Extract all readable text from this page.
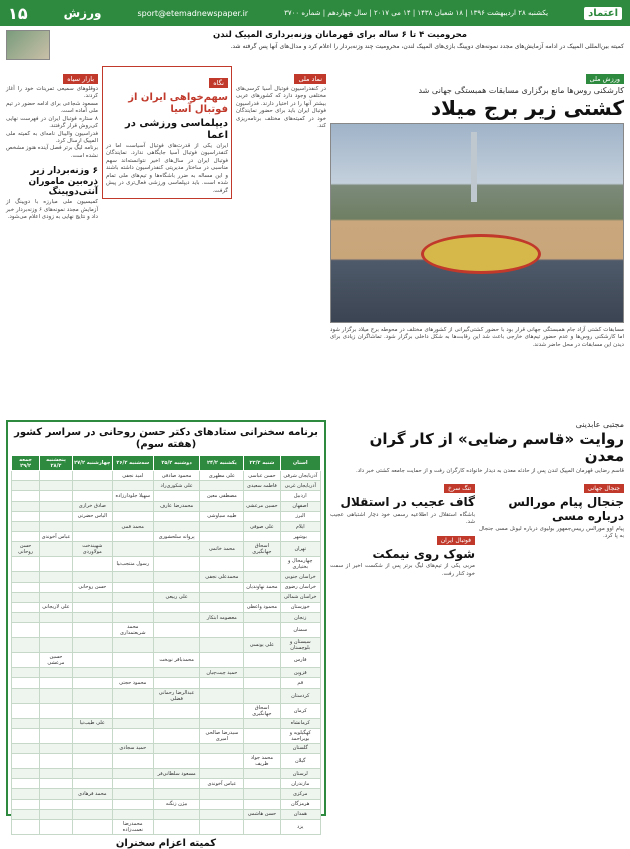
اعتماد
یکشنبه ۲۸ اردیبهشت ۱۳۹۶ | ۱۸ شعبان ۱۴۳۸ | ۱۴ می ۲۰۱۷ | سال چهاردهم | شماره ۳۷۰۰
sport@etemadnewspaper.ir
ورزش
۱۵
محرومیت ۴ تا ۶ ساله برای قهرمانان وزنه‌برداری المپیک لندن
کمیته بین‌المللی المپیک در ادامه آزمایش‌های مجدد نمونه‌های دوپینگ بازی‌های المپیک لندن، محرومیت چند وزنه‌بردار را اعلام کرد و مدال‌های آنها پس گرفته شد.
ورزش ملی
کارشکنی روس‌ها مانع برگزاری مسابقات همبستگی جهانی شد
کشتی زیر برج میلاد
مسابقات کشتی آزاد جام همبستگی جهانی قرار بود با حضور کشتی‌گیرانی از کشورهای مختلف در محوطه برج میلاد برگزار شود اما کارشکنی روس‌ها و عدم حضور تیم‌های خارجی باعث شد این رقابت‌ها به شکل داخلی برگزار شود. تماشاگران زیادی برای دیدن این مسابقات در محل حاضر شدند.
نماد ملی
در کنفدراسیون فوتبال آسیا کرسی‌های مختلفی وجود دارد که کشورهای عربی بیشتر آنها را در اختیار دارند. فدراسیون فوتبال ایران باید برای حضور نمایندگان خود در کمیته‌های مختلف برنامه‌ریزی کند.
نگاه
سهم‌خواهی ایران از فوتبال آسیا
دیپلماسی ورزشی در اعما
ایران یکی از قدرت‌های فوتبال آسیاست اما در کنفدراسیون فوتبال آسیا جایگاهی ندارد. نمایندگان فوتبال ایران در سال‌های اخیر نتوانسته‌اند سهم مناسبی در ساختار مدیریتی کنفدراسیون داشته باشند و این مساله به ضرر باشگاه‌ها و تیم‌های ملی تمام شده است. باید دیپلماسی ورزشی فعال‌تری در پیش گرفت.
بازار سیاه
دوقلوهای سمیعی تمرینات خود را آغاز کردند.
مسعود شجاعی برای ادامه حضور در تیم ملی آماده است.
۸ ستاره فوتبال ایران در فهرست نهایی کی‌روش قرار گرفتند.
فدراسیون والیبال نامه‌ای به کمیته ملی المپیک ارسال کرد.
برنامه لیگ برتر فصل آینده هنوز مشخص نشده است.
۶ وزنه‌بردار زیر ذره‌بین ماموران آنتی‌دوپینگ
کمیسیون ملی مبارزه با دوپینگ از آزمایش مجدد نمونه‌های ۶ وزنه‌بردار خبر داد و نتایج نهایی به زودی اعلام می‌شود.
برنامه سخنرانی ستادهای دکتر حسن روحانی در سراسر کشور (هفته سوم)
استان	شنبه ۲۳/۲	یکشنبه ۲۴/۲	دوشنبه ۲۵/۲	سه‌شنبه ۲۶/۲	چهارشنبه ۲۷/۲	پنجشنبه ۲۸/۲	جمعه ۲۹/۲
آذربایجان شرقی	حسن عباسی	علی مطهری	محمود صادقی	امید نجفی			
آذربایجان غربی	فاطمه سعیدی		علی شکوری‌راد				
اردبیل		مصطفی معین		سهیلا جلودارزاده			
اصفهان	حسین مرعشی		محمدرضا عارف		صادق خرازی		
البرز		طیبه سیاوشی			الیاس حضرتی		
ایلام	علی صوفی			محمد قمی			
بوشهر			پروانه سلحشوری			عباس آخوندی	
تهران	اسحاق جهانگیری	محمد خاتمی			شهیندخت مولاوردی		حسن روحانی
چهارمحال و بختیاری				رسول منتجب‌نیا			
خراسان جنوبی		محمدعلی نجفی					
خراسان رضوی	محمد نهاوندیان				حسن روحانی		
خراسان شمالی			علی ربیعی				
خوزستان	محمود واعظی					علی لاریجانی	
زنجان		معصومه ابتکار					
سمنان				محمد شریعتمداری			
سیستان و بلوچستان	علی یونسی						
فارس			محمدباقر نوبخت			حسین مرعشی	
قزوین		حمید چیت‌چیان					
قم				محمود حجتی			
کردستان			عبدالرضا رحمانی فضلی				
کرمان	اسحاق جهانگیری						
کرمانشاه					علی طیب‌نیا		
کهگیلویه و بویراحمد		سیدرضا صالحی امیری					
گلستان				حمید سجادی			
گیلان	محمد جواد ظریف						
لرستان			مسعود سلطانی‌فر				
مازندران		عباس آخوندی					
مرکزی					محمد فرهادی		
هرمزگان			بیژن زنگنه				
همدان	حسن هاشمی						
یزد				محمدرضا نعمت‌زاده			
کمیته اعزام سخنران
مجتبی عابدینی
روایت «قاسم رضایی» از کار گران معدن
قاسم رضایی قهرمان المپیک لندن پس از حادثه معدن به دیدار خانواده کارگران رفت و از حمایت جامعه کشتی خبر داد.
جنجال جهانی
جنجال پیام مورالس درباره مسی
پیام اوو مورالس رییس‌جمهور بولیوی درباره لیونل مسی جنجال به پا کرد.
تنگ سرخ
گاف عجیب در استقلال
باشگاه استقلال در اطلاعیه رسمی خود دچار اشتباهی عجیب شد.
فوتبال ایران
شوک روی نیمکت
مربی یکی از تیم‌های لیگ برتر پس از شکست اخیر از سمت خود کنار رفت.
